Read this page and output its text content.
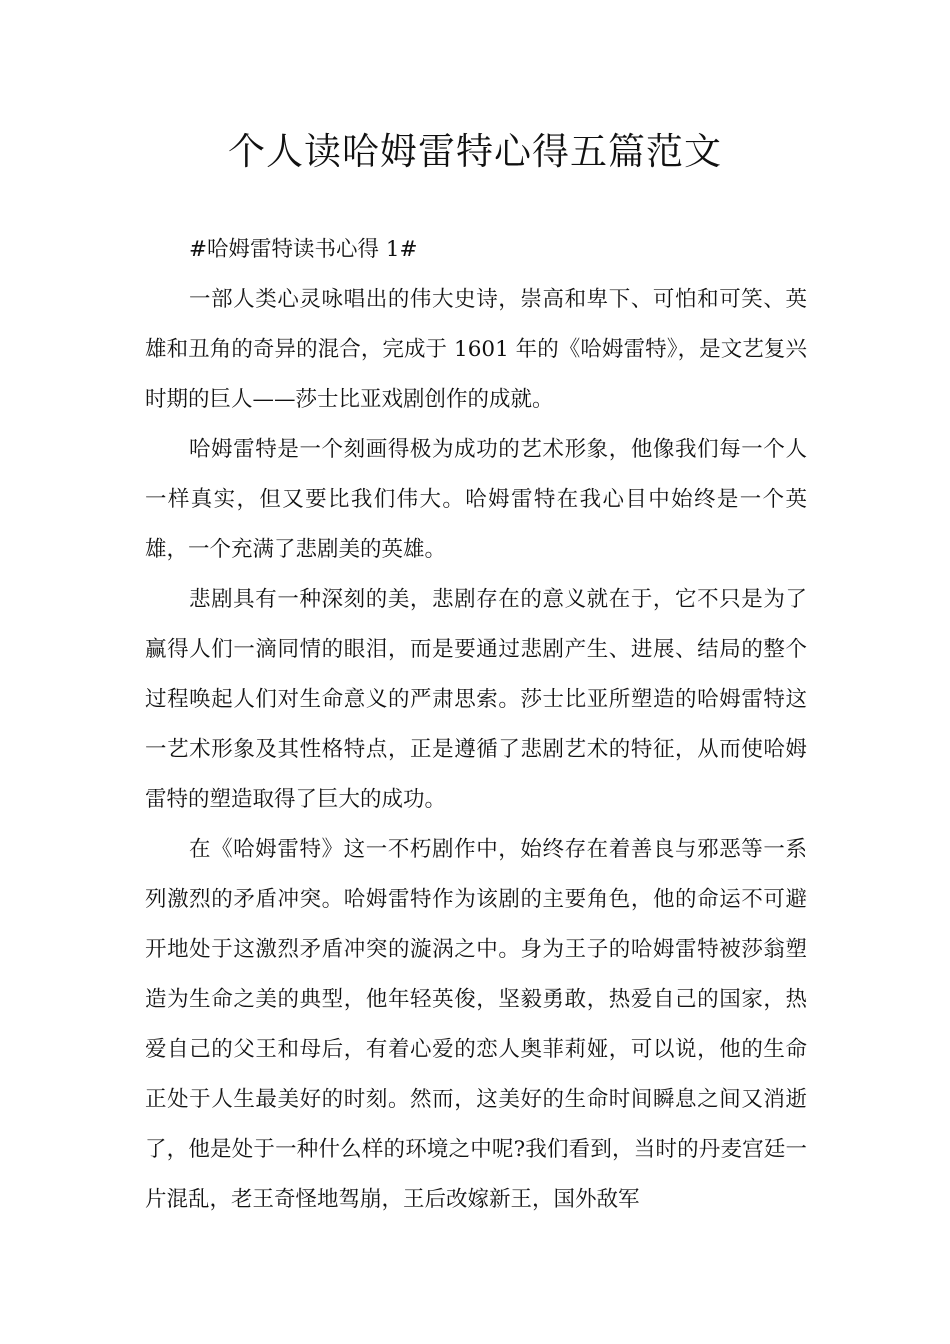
个人读哈姆雷特心得五篇范文

#哈姆雷特读书心得 1#

一部人类心灵咏唱出的伟大史诗，崇高和卑下、可怕和可笑、英雄和丑角的奇异的混合，完成于 1601 年的《哈姆雷特》，是文艺复兴时期的巨人——莎士比亚戏剧创作的成就。

哈姆雷特是一个刻画得极为成功的艺术形象，他像我们每一个人一样真实，但又要比我们伟大。哈姆雷特在我心目中始终是一个英雄，一个充满了悲剧美的英雄。

悲剧具有一种深刻的美，悲剧存在的意义就在于，它不只是为了赢得人们一滴同情的眼泪，而是要通过悲剧产生、进展、结局的整个过程唤起人们对生命意义的严肃思索。莎士比亚所塑造的哈姆雷特这一艺术形象及其性格特点，正是遵循了悲剧艺术的特征，从而使哈姆雷特的塑造取得了巨大的成功。

在《哈姆雷特》这一不朽剧作中，始终存在着善良与邪恶等一系列激烈的矛盾冲突。哈姆雷特作为该剧的主要角色，他的命运不可避开地处于这激烈矛盾冲突的漩涡之中。身为王子的哈姆雷特被莎翁塑造为生命之美的典型，他年轻英俊，坚毅勇敢，热爱自己的国家，热爱自己的父王和母后，有着心爱的恋人奥菲莉娅，可以说，他的生命正处于人生最美好的时刻。然而，这美好的生命时间瞬息之间又消逝了，他是处于一种什么样的环境之中呢?我们看到，当时的丹麦宫廷一片混乱，老王奇怪地驾崩，王后改嫁新王，国外敌军
